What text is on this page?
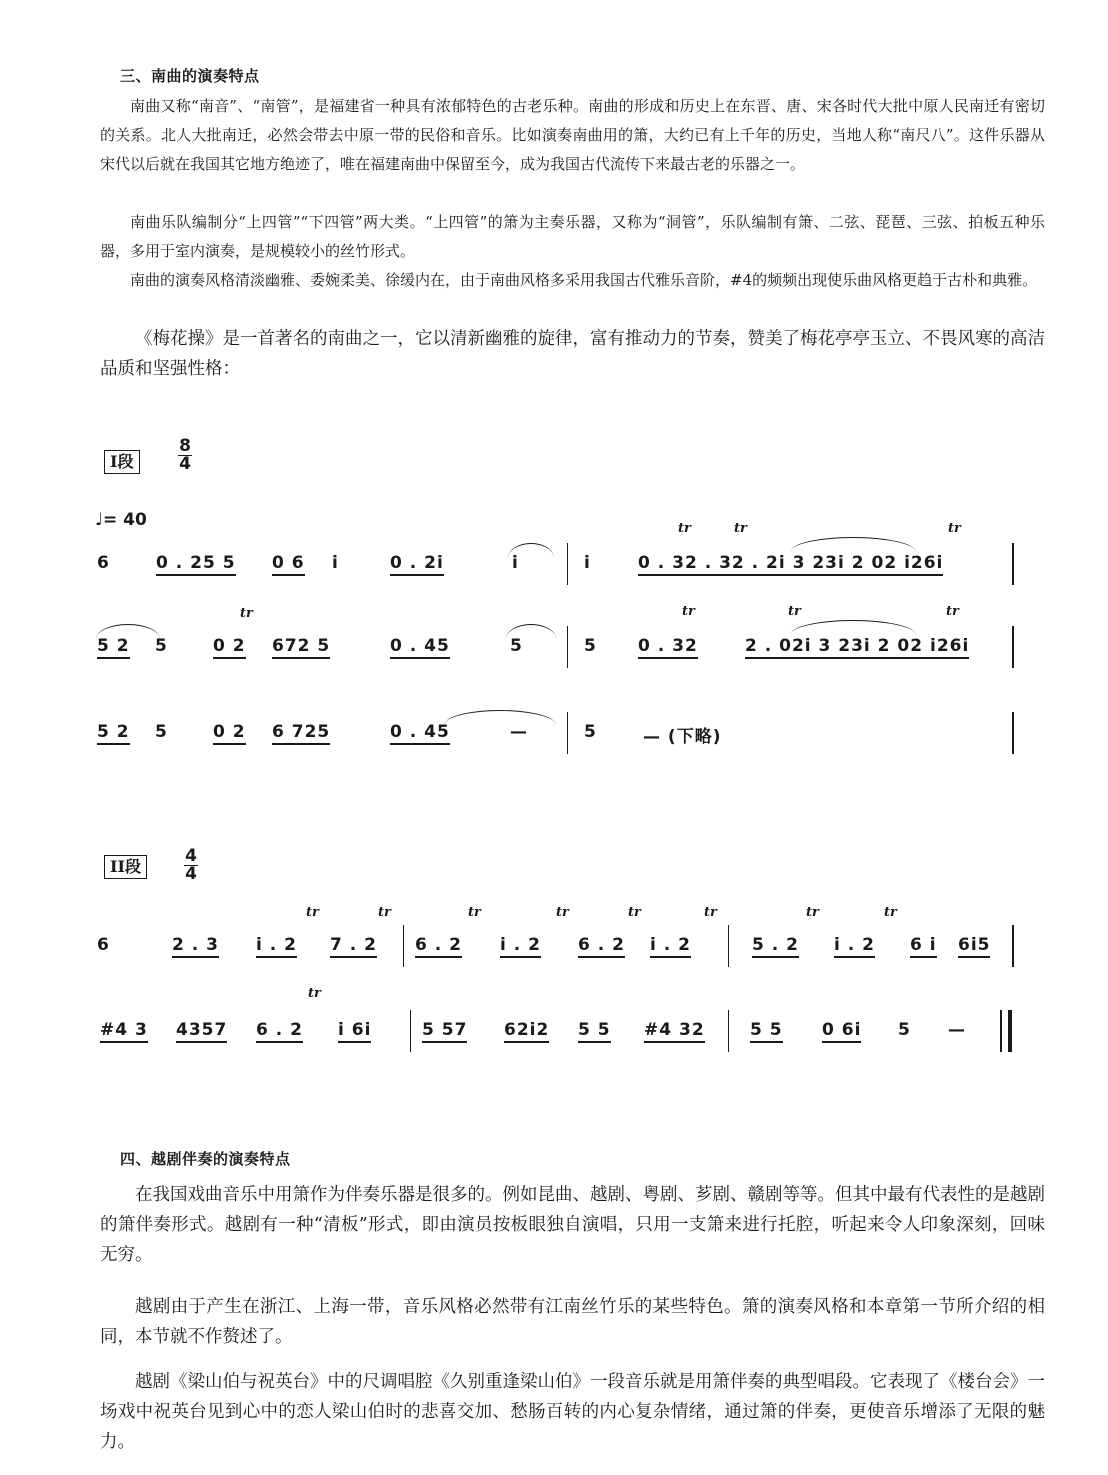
三、南曲的演奏特点

南曲又称“南音”、“南管”，是福建省一种具有浓郁特色的古老乐种。南曲的形成和历史上在东晋、唐、宋各时代大批中原人民南迁有密切的关系。北人大批南迁，必然会带去中原一带的民俗和音乐。比如演奏南曲用的箫，大约已有上千年的历史，当地人称“南尺八”。这件乐器从宋代以后就在我国其它地方绝迹了，唯在福建南曲中保留至今，成为我国古代流传下来最古老的乐器之一。

南曲乐队编制分“上四管”“下四管”两大类。“上四管”的箫为主奏乐器，又称为“洞管”，乐队编制有箫、二弦、琵琶、三弦、拍板五种乐器，多用于室内演奏，是规模较小的丝竹形式。

南曲的演奏风格清淡幽雅、委婉柔美、徐缓内在，由于南曲风格多采用我国古代雅乐音阶，#4的频频出现使乐曲风格更趋于古朴和典雅。

《梅花操》是一首著名的南曲之一，它以清新幽雅的旋律，富有推动力的节奏，赞美了梅花亭亭玉立、不畏风寒的高洁品质和坚强性格：

I段	$\frac{8}{4}$
♩= 40
6	0 . 25 5 0 6 i	0 . 2i	i	i
tr	tr	tr
0 . 32 . 32 . 2i 3 23i 2 02 i26i
5 2 5
tr
0 2 672 5	0 . 45	5	5
tr
0 . 32
tr	tr
2 . 02i 3 23i 2 02 i26i
5 2 5	0 2 6 725	0 . 45	—	5	— (下略)
II段	$\frac{4}{4}$
6	2 . 3
tr
i . 2
tr
7 . 2
tr
6 . 2
tr
i . 2
tr
6 . 2
tr
i . 2
tr
5 . 2
tr
i . 2 6 i 6i5
#4 3 4357
tr
6 . 2 i 6i	5 57 62i2 5 5 #4 32	5 5 0 6i 5 —
四、越剧伴奏的演奏特点

在我国戏曲音乐中用箫作为伴奏乐器是很多的。例如昆曲、越剧、粤剧、芗剧、赣剧等等。但其中最有代表性的是越剧的箫伴奏形式。越剧有一种“清板”形式，即由演员按板眼独自演唱，只用一支箫来进行托腔，听起来令人印象深刻，回味无穷。

越剧由于产生在浙江、上海一带，音乐风格必然带有江南丝竹乐的某些特色。箫的演奏风格和本章第一节所介绍的相同，本节就不作赘述了。

越剧《梁山伯与祝英台》中的尺调唱腔《久别重逢梁山伯》一段音乐就是用箫伴奏的典型唱段。它表现了《楼台会》一场戏中祝英台见到心中的恋人梁山伯时的悲喜交加、愁肠百转的内心复杂情绪，通过箫的伴奏，更使音乐增添了无限的魅力。
